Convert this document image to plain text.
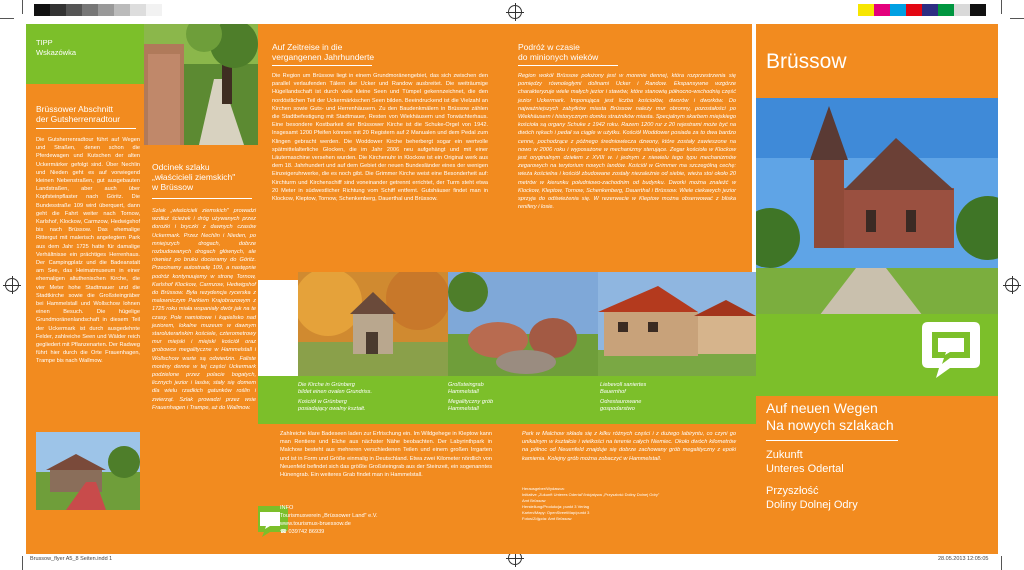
TIPP
Wskazówka
Brüssower Abschnitt
der Gutsherrenradtour
Die Gutsherrenradtour führt auf Wegen und Straßen, denen schon die Pferdewagen und Kutschen der alten Uckermärker gefolgt sind. Über Nechlin und Nieden geht es auf vorwiegend kleinen Nebenstraßen, gut ausgebauten Landstraßen, aber auch über Kopfsteinpflaster nach Göritz. Die Bundesstraße 109 wird überquert, dann geht die Fahrt weiter nach Tornow, Karlshof, Klockow, Carmzow, Hedwigshof bis nach Brüssow. Das ehemalige Rittergut mit malerisch angelegtem Park aus dem Jahr 1725 hatte für damalige Verhältnisse ein prächtiges Herrenhaus. Der Campingplatz und die Badeanstalt am See, das Heimatmuseum in einer ehemaligen altuthenischen Kirche, die vier Meter hohe Stadtmauer und die Stadtkirche sowie die Großsteingräber bei Hammelstall und Wollschow lohnen einen Besuch. Die hügelige Grundmoränenlandschaft in diesem Teil der Uckermark ist durch ausgedehnte Felder, zahlreiche Seen und Wälder reich gegliedert mit Pflanzenarten. Der Radweg führt hier durch die Orte Frauenhagen, Trampe bis nach Wallmow.
Odcinek szlaku
„właścicieli ziemskich"
w Brüssow
Szlak „właścicieli ziemskich" prowadzi wzdłuż ścieżek i dróg używanych przez dorożki i bryczki z dawnych czasów Uckermark. Przez Nechlin i Nieden, po mniejszych drogach, dobrze rozbudowanych drogach głównych, ale również po bruku docieramy do Göritz. Przecinamy autostradę 109, a następnie podróż kontynuujemy w stronę Tornow, Karlshof Klockow, Carmzow, Hedwigshof do Brüssow. Była rezydencja rycerska z malowniczym Parkiem Krajobrazowym z 1725 roku miała wspaniały dwór jak na te czasy. Pole namiotowe i kąpielisko nad jeziorem, lokalne muzeum w dawnym staroluterańskim kościele, czterometrowy mur miejski i miejski kościół oraz grobowce megalityczne w Hammelstall i Wollschow warte są odwiedzin. Faliste morény denne w tej części Uckermark podzielone przez polacie bogatych, licznych jezior i lasów, stały się domem dla wielu rzadkich gatunków roślin i zwierząt. Szlak prowadzi przez wsie Frauenhagen i Trampe, aż do Wallmow.
Auf Zeitreise in die
vergangenen Jahrhunderte
Die Region um Brüssow liegt in einem Grundmoränengebiet, das sich zwischen den parallel verlaufenden Tälern der Ucker und Randow ausbreitet. Die weiträumige Hügellandschaft ist durch viele kleine Seen und Tümpel gekennzeichnet, die den nordöstlichen Teil der Uckermärkischen Seen bilden. Beeindruckend ist die Vielzahl an Kirchen sowie Guts- und Herrenhäusern. Zu den Baudenkmälern in Brüssow zählen die Stadtbefestigung mit Stadtmauer, Resten von Wiekhäusern und Torwächterhaus. Eine besondere Kostbarkeit der Brüssower Kirche ist die Schuke-Orgel von 1942. Insgesamt 1200 Pfeifen können mit 20 Registern auf 2 Manualen und dem Pedal zum Klingen gebracht werden. Die Woddower Kirche beherbergt sogar ein wertvolle spätmittelalterliche Glocken, die im Jahr 2006 neu aufgehängt und mit einer Läutemaschine versehen wurden. Die Kirchenuhr in Klockow ist ein Original werk aus dem 18. Jahrhundert und auf dem Gebiet der neuen Bundesländer eines der wenigen Einzeigeruhrwerke, die es noch gibt. Die Grimmer Kirche weist eine Besonderheit auf: Kirchturm und Kirchenschiff sind voneinander getrennt errichtet, der Turm steht etwa 20 Meter in südwestlicher Richtung vom Schiff entfernt. Gutshäuser findet man in Klockow, Kleptow, Tornow, Schenkenberg, Dauerthal und Brüssow.
Podróż w czasie
do minionych wieków
Region wokół Brüssow położony jest w morenie dennej, która rozprzestrzenia się pomiędzy równoległymi dolinami Ucker i Randow. Ekspansywne wzgórze charakteryzuje wiele małych jezior i stawów, które stanowią północno-wschodnią część jezior Uckermark. Imponująca jest liczba kościołów, dworów i dworków. Do najważniejszych zabytków miasta Brüssow należy mur obronny, pozostałości po Wiekhäusern i historycznym domku strażników miasta. Specjalnym skarbem miejskiego kościoła są organy Schuke z 1942 roku. Razem 1200 rur z 20 rejestrami może być na dwóch rękach i pedał sa ciągle w użytku. Kościół Woddower posiada za to dwa bardzo cenne, pochodzące z późnego średniowiecza dzwony, które zostały zawieszone na nowo w 2006 roku i wyposażone w mechanizmy sterujące. Zegar kościoła w Klockow jest oryginalnym dziełem z XVIII w. i jednym z niewielu tego typu mechanizmów zegarowych na terytorium nowych landów. Kościół w Grimmer ma szczególną cechę: wieża kościelna i kościół zbudowane zostały niezależnie od siebie, wieża stoi około 20 metrów w kierunku południowo-zachodnim od budynku. Dworki można znaleźć w Klockow, Kleptow, Tornow, Schenkenberg, Dauerthal i Brüssow. Wiele ciekawych jezior sprzyja do odświeżenia się. W rezerwacie w Kleptow można obserwować z bliska renifery i losie.
Die Kirche in Grünberg
bildet einen ovalen Grundriss.
Kościół w Grünberg
posiadający owalny kształt.
Großsteingrab
Hammelstall
Megalityczny grób
Hammelstall
Liebevoll saniertes
Bauernhof
Odrestaurowane
gospodarstwo
Zahlreiche klare Badeseen laden zur Erfrischung ein. Im Wildgehege in Kleptow kann man Rentiere und Elche aus nächster Nähe beobachten. Der Labyrinthpark in Malchow besteht aus mehreren verschiedenen Teilen und einem großen Irrgarten und ist in Form und Größe einmalig in Deutschland. Etwa zwei Kilometer nördlich von Neuenfeld befindet sich das größte Großsteingrab aus der Steinzeit, ein sogenanntes Hünengrab. Ein weiteres Grab findet man in Hammelstall.
INFO
Tourismusverein „Brüssower Land" e.V.
www.tourismus-bruessow.de
☎ 039742 86939
Park w Malchow składa się z kilku różnych części i z dużego labiryntu, co czyni go unikalnym w kształcie i wielkości na terenie całych Niemiec. Około dwóch kilometrów na północ od Neuenfeld znajduje się dobrze zachowany grób megalityczny z epoki kamienia. Kolejny grób można zobaczyć w Hammelstall.
Herausgeber/Wydawca:
Initiative „Zukunft Unteres Odertal"/Inicjatywa „Przyszłość Doliny Dolnej Odry"
Amt Brüssow
Herstellung/Produkcja: punkt 3 Verlag
Karten/Mapy: OpenStreetMap/punkt 3
Fotos/Zdjęcia: Amt Brüssow
Brüssow
Auf neuen Wegen
Na nowych szlakach
Zukunft
Unteres Odertal
Przyszłość
Doliny Dolnej Odry
Brussow_flyer A5_8 Seiten.indd 1	28.05.2013 12:05:05
